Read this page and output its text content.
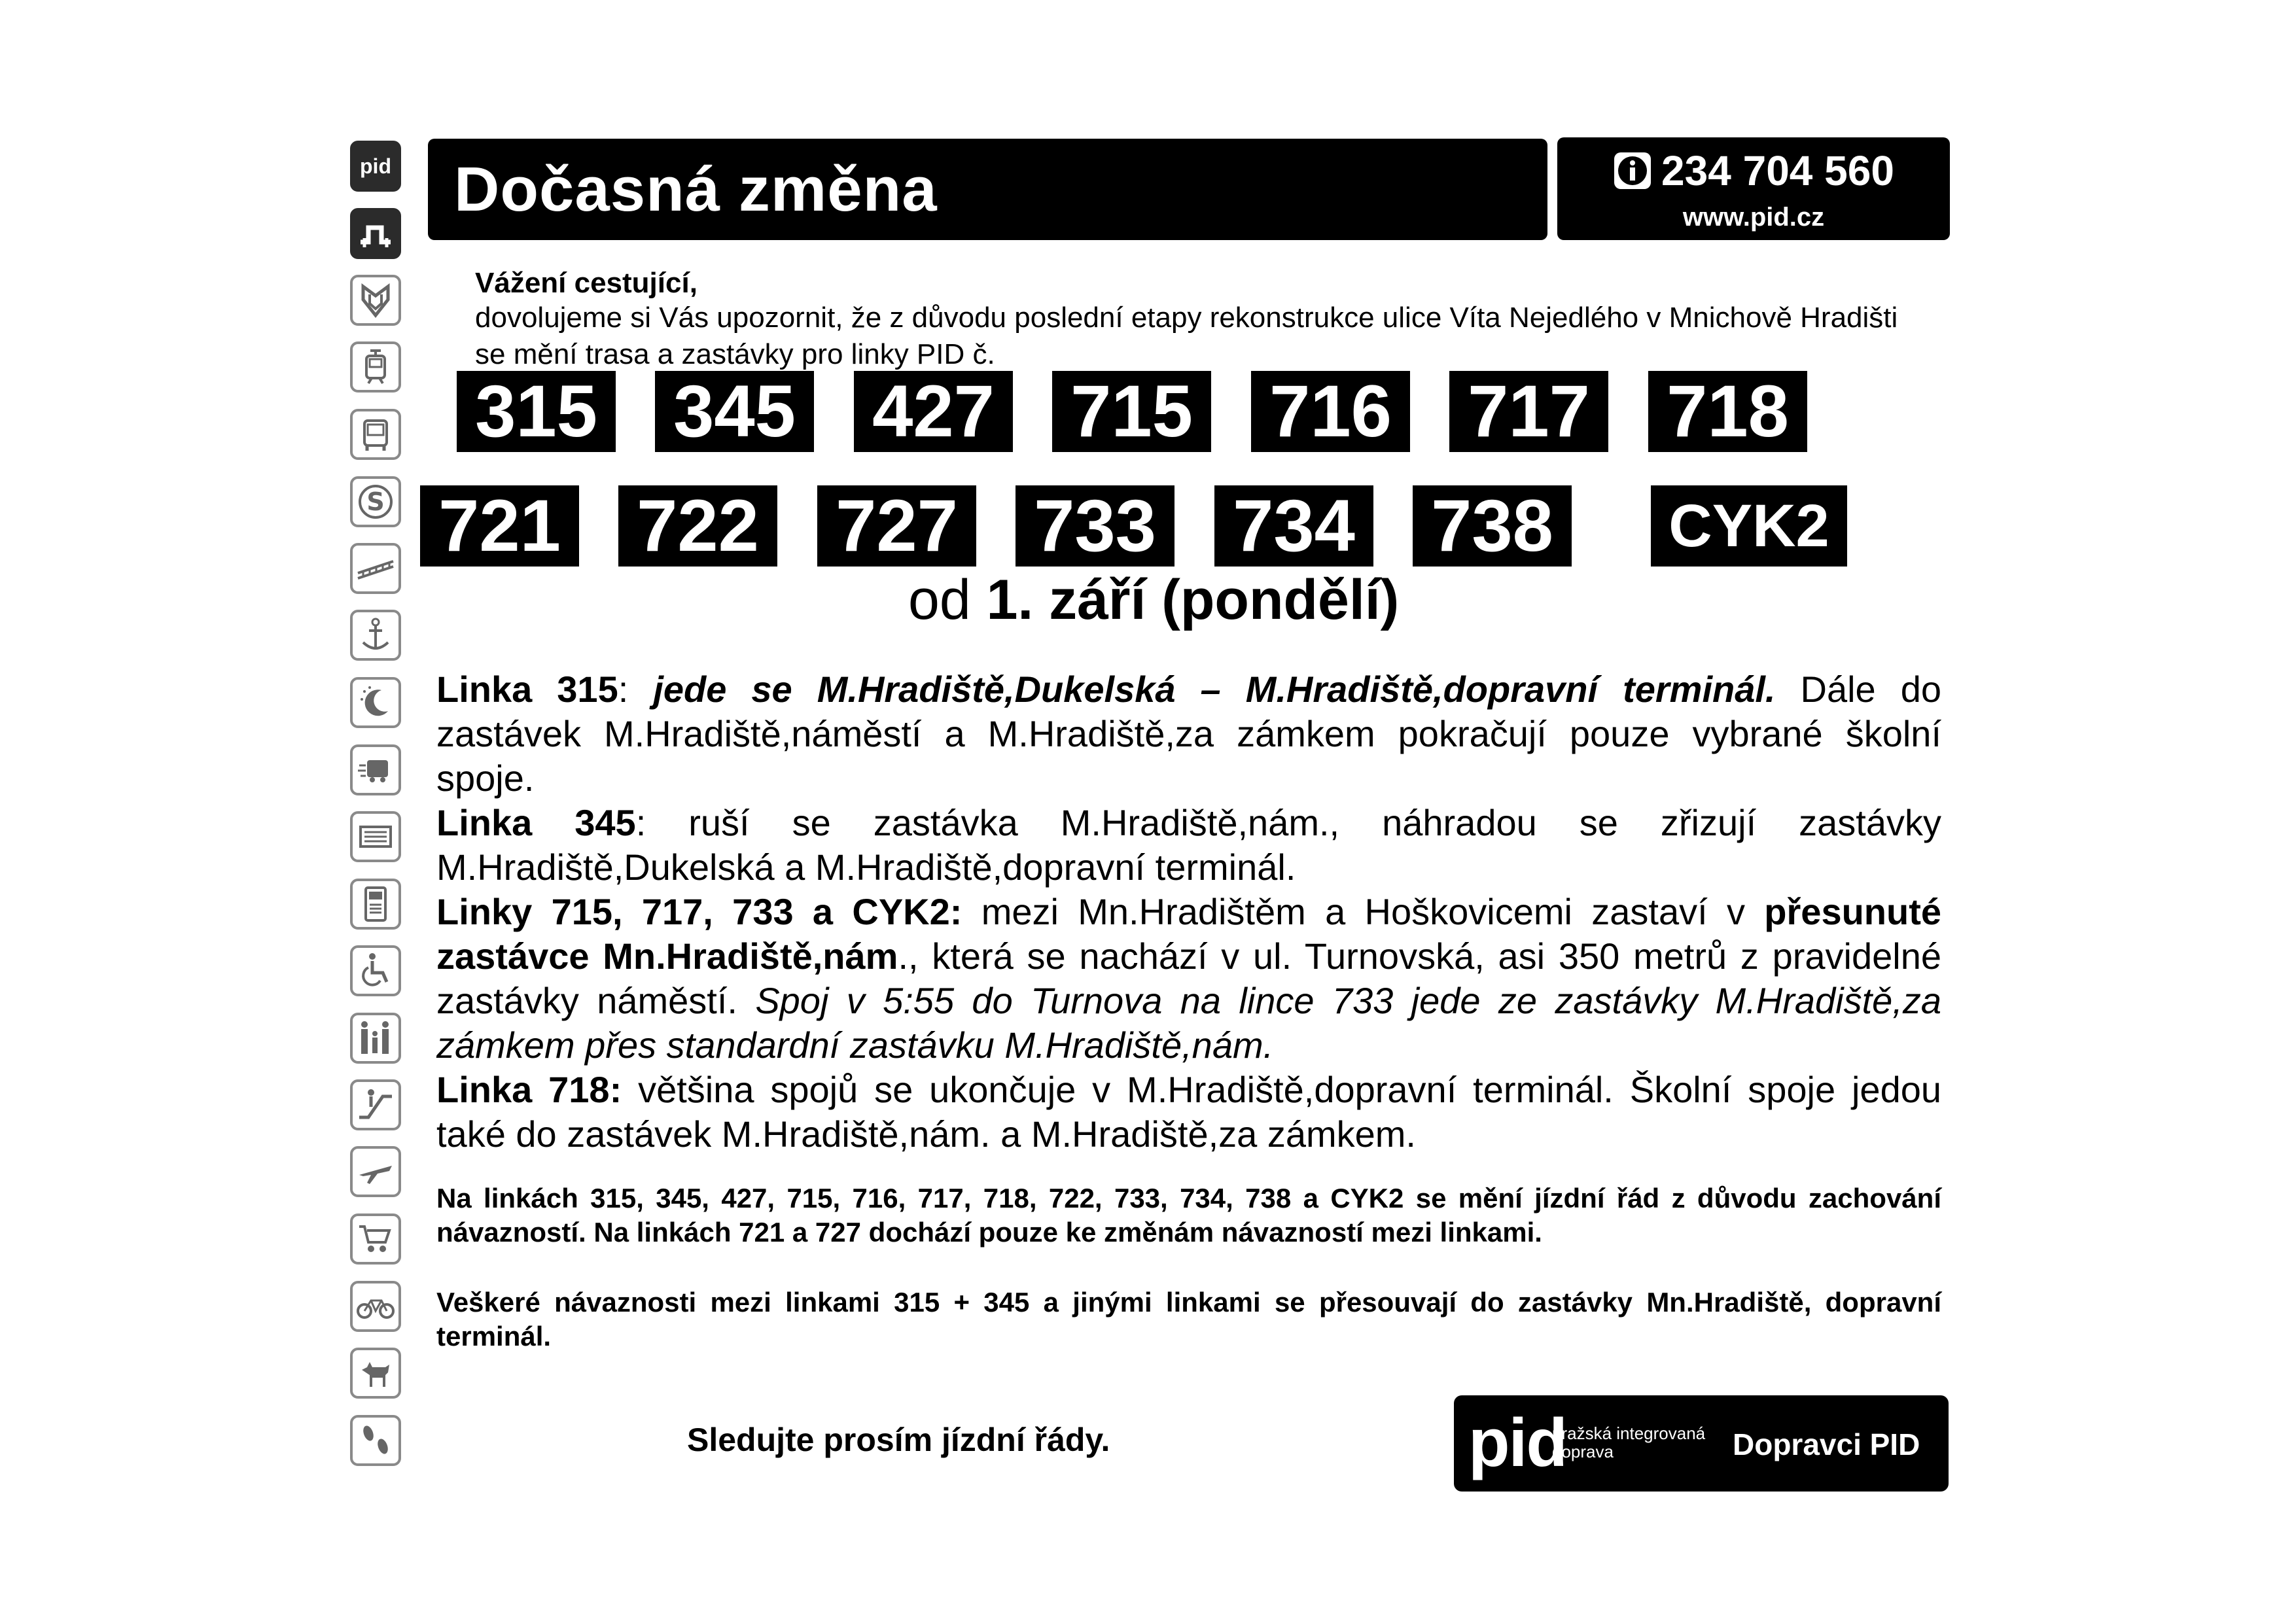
pid
S
Dočasná změna	234 704 560
www.pid.cz
Vážení cestující,
dovolujeme si Vás upozornit, že z důvodu poslední etapy rekonstrukce ulice Víta Nejedlého v Mnichově Hradišti se mění trasa a zastávky pro linky PID č.
315 345 427 715 716 717 718
721 722 727 733 734 738 CYK2
od 1. září (pondělí)

Linka 315: jede se M.Hradiště,Dukelská – M.Hradiště,dopravní terminál. Dále do zastávek M.Hradiště,náměstí a M.Hradiště,za zámkem pokračují pouze vybrané školní spoje.

Linka 345: ruší se zastávka M.Hradiště,nám., náhradou se zřizují zastávky M.Hradiště,Dukelská a M.Hradiště,dopravní terminál.

Linky 715, 717, 733 a CYK2: mezi Mn.Hradištěm a Hoškovicemi zastaví v přesunuté zastávce Mn.Hradiště,nám., která se nachází v ul. Turnovská, asi 350 metrů z pravidelné zastávky náměstí. Spoj v 5:55 do Turnova na lince 733 jede ze zastávky M.Hradiště,za zámkem přes standardní zastávku M.Hradiště,nám.

Linka 718: většina spojů se ukončuje v M.Hradiště,dopravní terminál. Školní spoje jedou také do zastávek M.Hradiště,nám. a M.Hradiště,za zámkem.

Na linkách 315, 345, 427, 715, 716, 717, 718, 722, 733, 734, 738 a CYK2 se mění jízdní řád z důvodu zachování návazností. Na linkách 721 a 727 dochází pouze ke změnám návazností mezi linkami.
Veškeré návaznosti mezi linkami 315 + 345 a jinými linkami se přesouvají do zastávky Mn.Hradiště, dopravní terminál.
Sledujte prosím jízdní řády.	pid
pražská integrovaná
doprava	Dopravci PID
